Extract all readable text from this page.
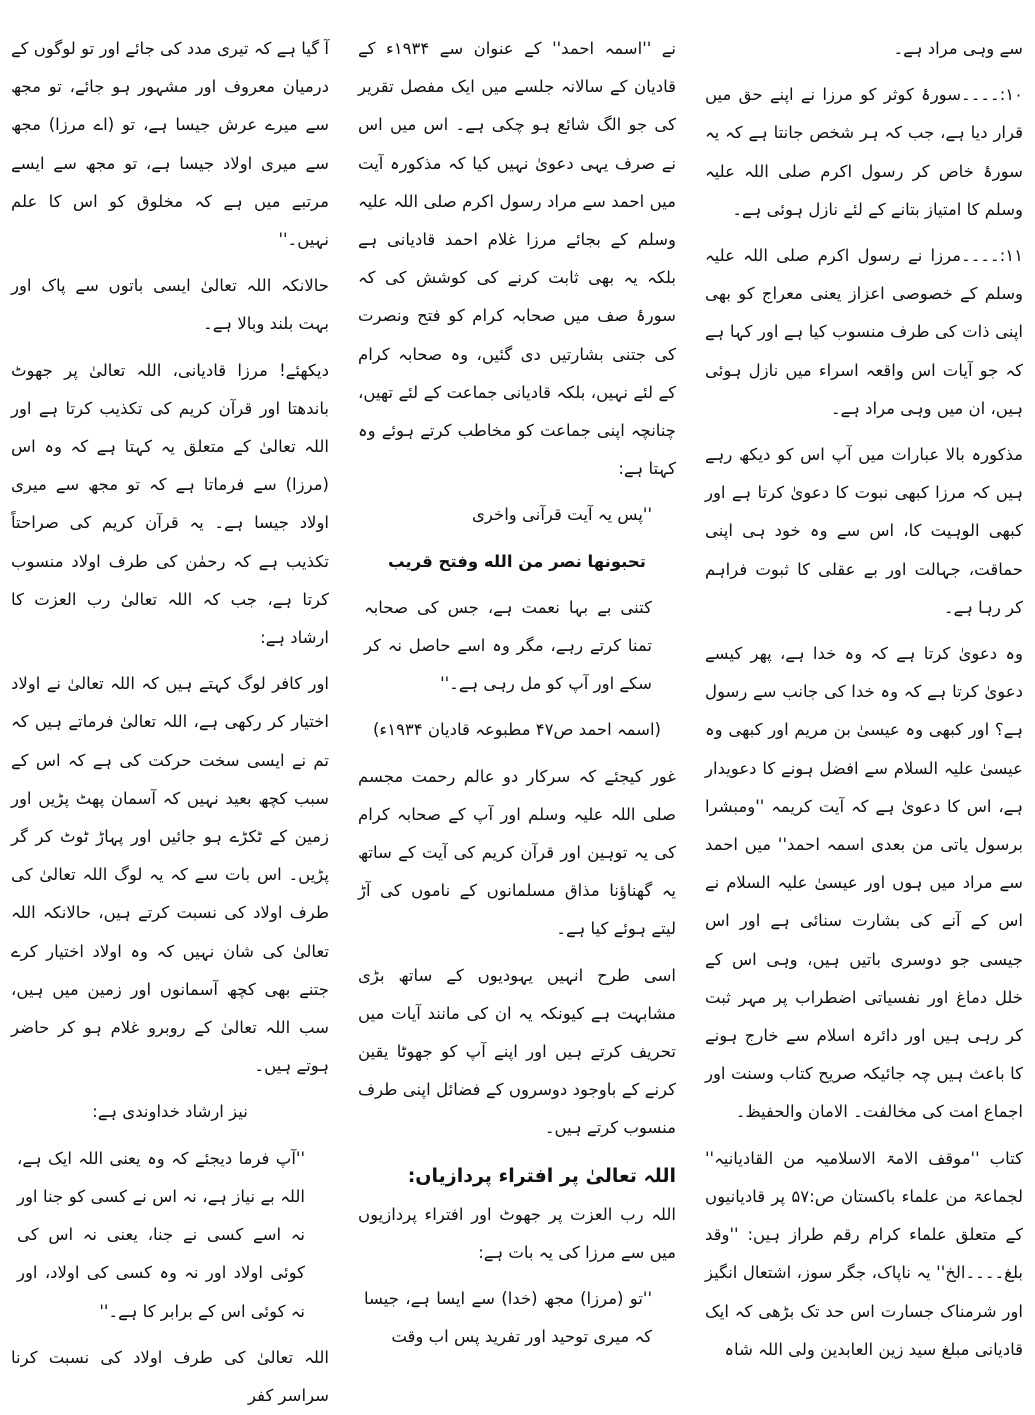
سے وہی مراد ہے۔

۱۰:۔۔۔۔سورۂ کوثر کو مرزا نے اپنے حق میں قرار دیا ہے، جب کہ ہر شخص جانتا ہے کہ یہ سورۂ خاص کر رسول اکرم صلی اللہ علیہ وسلم کا امتیاز بتانے کے لئے نازل ہوئی ہے۔

۱۱:۔۔۔۔مرزا نے رسول اکرم صلی اللہ علیہ وسلم کے خصوصی اعزاز یعنی معراج کو بھی اپنی ذات کی طرف منسوب کیا ہے اور کہا ہے کہ جو آیات اس واقعہ اسراء میں نازل ہوئی ہیں، ان میں وہی مراد ہے۔

مذکورہ بالا عبارات میں آپ اس کو دیکھ رہے ہیں کہ مرزا کبھی نبوت کا دعویٰ کرتا ہے اور کبھی الوہیت کا، اس سے وہ خود ہی اپنی حماقت، جہالت اور بے عقلی کا ثبوت فراہم کر رہا ہے۔

وہ دعویٰ کرتا ہے کہ وہ خدا ہے، پھر کیسے دعویٰ کرتا ہے کہ وہ خدا کی جانب سے رسول ہے؟ اور کبھی وہ عیسیٰ بن مریم اور کبھی وہ عیسیٰ علیہ السلام سے افضل ہونے کا دعویدار ہے، اس کا دعویٰ ہے کہ آیت کریمہ ''ومبشرا برسول یاتی من بعدی اسمہ احمد'' میں احمد سے مراد میں ہوں اور عیسیٰ علیہ السلام نے اس کے آنے کی بشارت سنائی ہے اور اس جیسی جو دوسری باتیں ہیں، وہی اس کے خلل دماغ اور نفسیاتی اضطراب پر مہر ثبت کر رہی ہیں اور دائرہ اسلام سے خارج ہونے کا باعث ہیں چہ جائیکہ صریح کتاب وسنت اور اجماع امت کی مخالفت۔ الامان والحفیظ۔

کتاب ''موقف الامۃ الاسلامیہ من القادیانیہ'' لجماعۃ من علماء باکستان ص:۵۷ پر قادیانیوں کے متعلق علماء کرام رقم طراز ہیں: ''وقد بلغ۔۔۔۔الخ'' یہ ناپاک، جگر سوز، اشتعال انگیز اور شرمناک جسارت اس حد تک بڑھی کہ ایک قادیانی مبلغ سید زین العابدین ولی اللہ شاہ

نے ''اسمہ احمد'' کے عنوان سے ۱۹۳۴ء کے قادیان کے سالانہ جلسے میں ایک مفصل تقریر کی جو الگ شائع ہو چکی ہے۔ اس میں اس نے صرف یہی دعویٰ نہیں کیا کہ مذکورہ آیت میں احمد سے مراد رسول اکرم صلی اللہ علیہ وسلم کے بجائے مرزا غلام احمد قادیانی ہے بلکہ یہ بھی ثابت کرنے کی کوشش کی کہ سورۂ صف میں صحابہ کرام کو فتح ونصرت کی جتنی بشارتیں دی گئیں، وہ صحابہ کرام کے لئے نہیں، بلکہ قادیانی جماعت کے لئے تھیں، چنانچہ اپنی جماعت کو مخاطب کرتے ہوئے وہ کہتا ہے:

''پس یہ آیت قرآنی واخری

تحبونها نصر من الله وفتح قريب

کتنی بے بہا نعمت ہے، جس کی صحابہ تمنا کرتے رہے، مگر وہ اسے حاصل نہ کر سکے اور آپ کو مل رہی ہے۔''

(اسمہ احمد ص۴۷ مطبوعہ قادیان ۱۹۳۴ء)

غور کیجئے کہ سرکار دو عالم رحمت مجسم صلی اللہ علیہ وسلم اور آپ کے صحابہ کرام کی یہ توہین اور قرآن کریم کی آیت کے ساتھ یہ گھناؤنا مذاق مسلمانوں کے ناموں کی آڑ لیتے ہوئے کیا ہے۔

اسی طرح انہیں یہودیوں کے ساتھ بڑی مشابہت ہے کیونکہ یہ ان کی مانند آیات میں تحریف کرتے ہیں اور اپنے آپ کو جھوٹا یقین کرنے کے باوجود دوسروں کے فضائل اپنی طرف منسوب کرتے ہیں۔

اللہ تعالیٰ پر افتراء پردازیاں:

اللہ رب العزت پر جھوٹ اور افتراء پردازیوں میں سے مرزا کی یہ بات ہے:

''تو (مرزا) مجھ (خدا) سے ایسا ہے، جیسا کہ میری توحید اور تفرید پس اب وقت

آ گیا ہے کہ تیری مدد کی جائے اور تو لوگوں کے درمیان معروف اور مشہور ہو جائے، تو مجھ سے میرے عرش جیسا ہے، تو (اے مرزا) مجھ سے میری اولاد جیسا ہے، تو مجھ سے ایسے مرتبے میں ہے کہ مخلوق کو اس کا علم نہیں۔''

حالانکہ اللہ تعالیٰ ایسی باتوں سے پاک اور بہت بلند وبالا ہے۔

دیکھئے! مرزا قادیانی، اللہ تعالیٰ پر جھوٹ باندھتا اور قرآن کریم کی تکذیب کرتا ہے اور اللہ تعالیٰ کے متعلق یہ کہتا ہے کہ وہ اس (مرزا) سے فرماتا ہے کہ تو مجھ سے میری اولاد جیسا ہے۔ یہ قرآن کریم کی صراحتاً تکذیب ہے کہ رحمٰن کی طرف اولاد منسوب کرتا ہے، جب کہ اللہ تعالیٰ رب العزت کا ارشاد ہے:

اور کافر لوگ کہتے ہیں کہ اللہ تعالیٰ نے اولاد اختیار کر رکھی ہے، اللہ تعالیٰ فرماتے ہیں کہ تم نے ایسی سخت حرکت کی ہے کہ اس کے سبب کچھ بعید نہیں کہ آسمان پھٹ پڑیں اور زمین کے ٹکڑے ہو جائیں اور پہاڑ ٹوٹ کر گر پڑیں۔ اس بات سے کہ یہ لوگ اللہ تعالیٰ کی طرف اولاد کی نسبت کرتے ہیں، حالانکہ اللہ تعالیٰ کی شان نہیں کہ وہ اولاد اختیار کرے جتنے بھی کچھ آسمانوں اور زمین میں ہیں، سب اللہ تعالیٰ کے روبرو غلام ہو کر حاضر ہوتے ہیں۔

نیز ارشاد خداوندی ہے:

''آپ فرما دیجئے کہ وہ یعنی اللہ ایک ہے، اللہ بے نیاز ہے، نہ اس نے کسی کو جنا اور نہ اسے کسی نے جنا، یعنی نہ اس کی کوئی اولاد اور نہ وہ کسی کی اولاد، اور نہ کوئی اس کے برابر کا ہے۔''

اللہ تعالیٰ کی طرف اولاد کی نسبت کرنا سراسر کفر
